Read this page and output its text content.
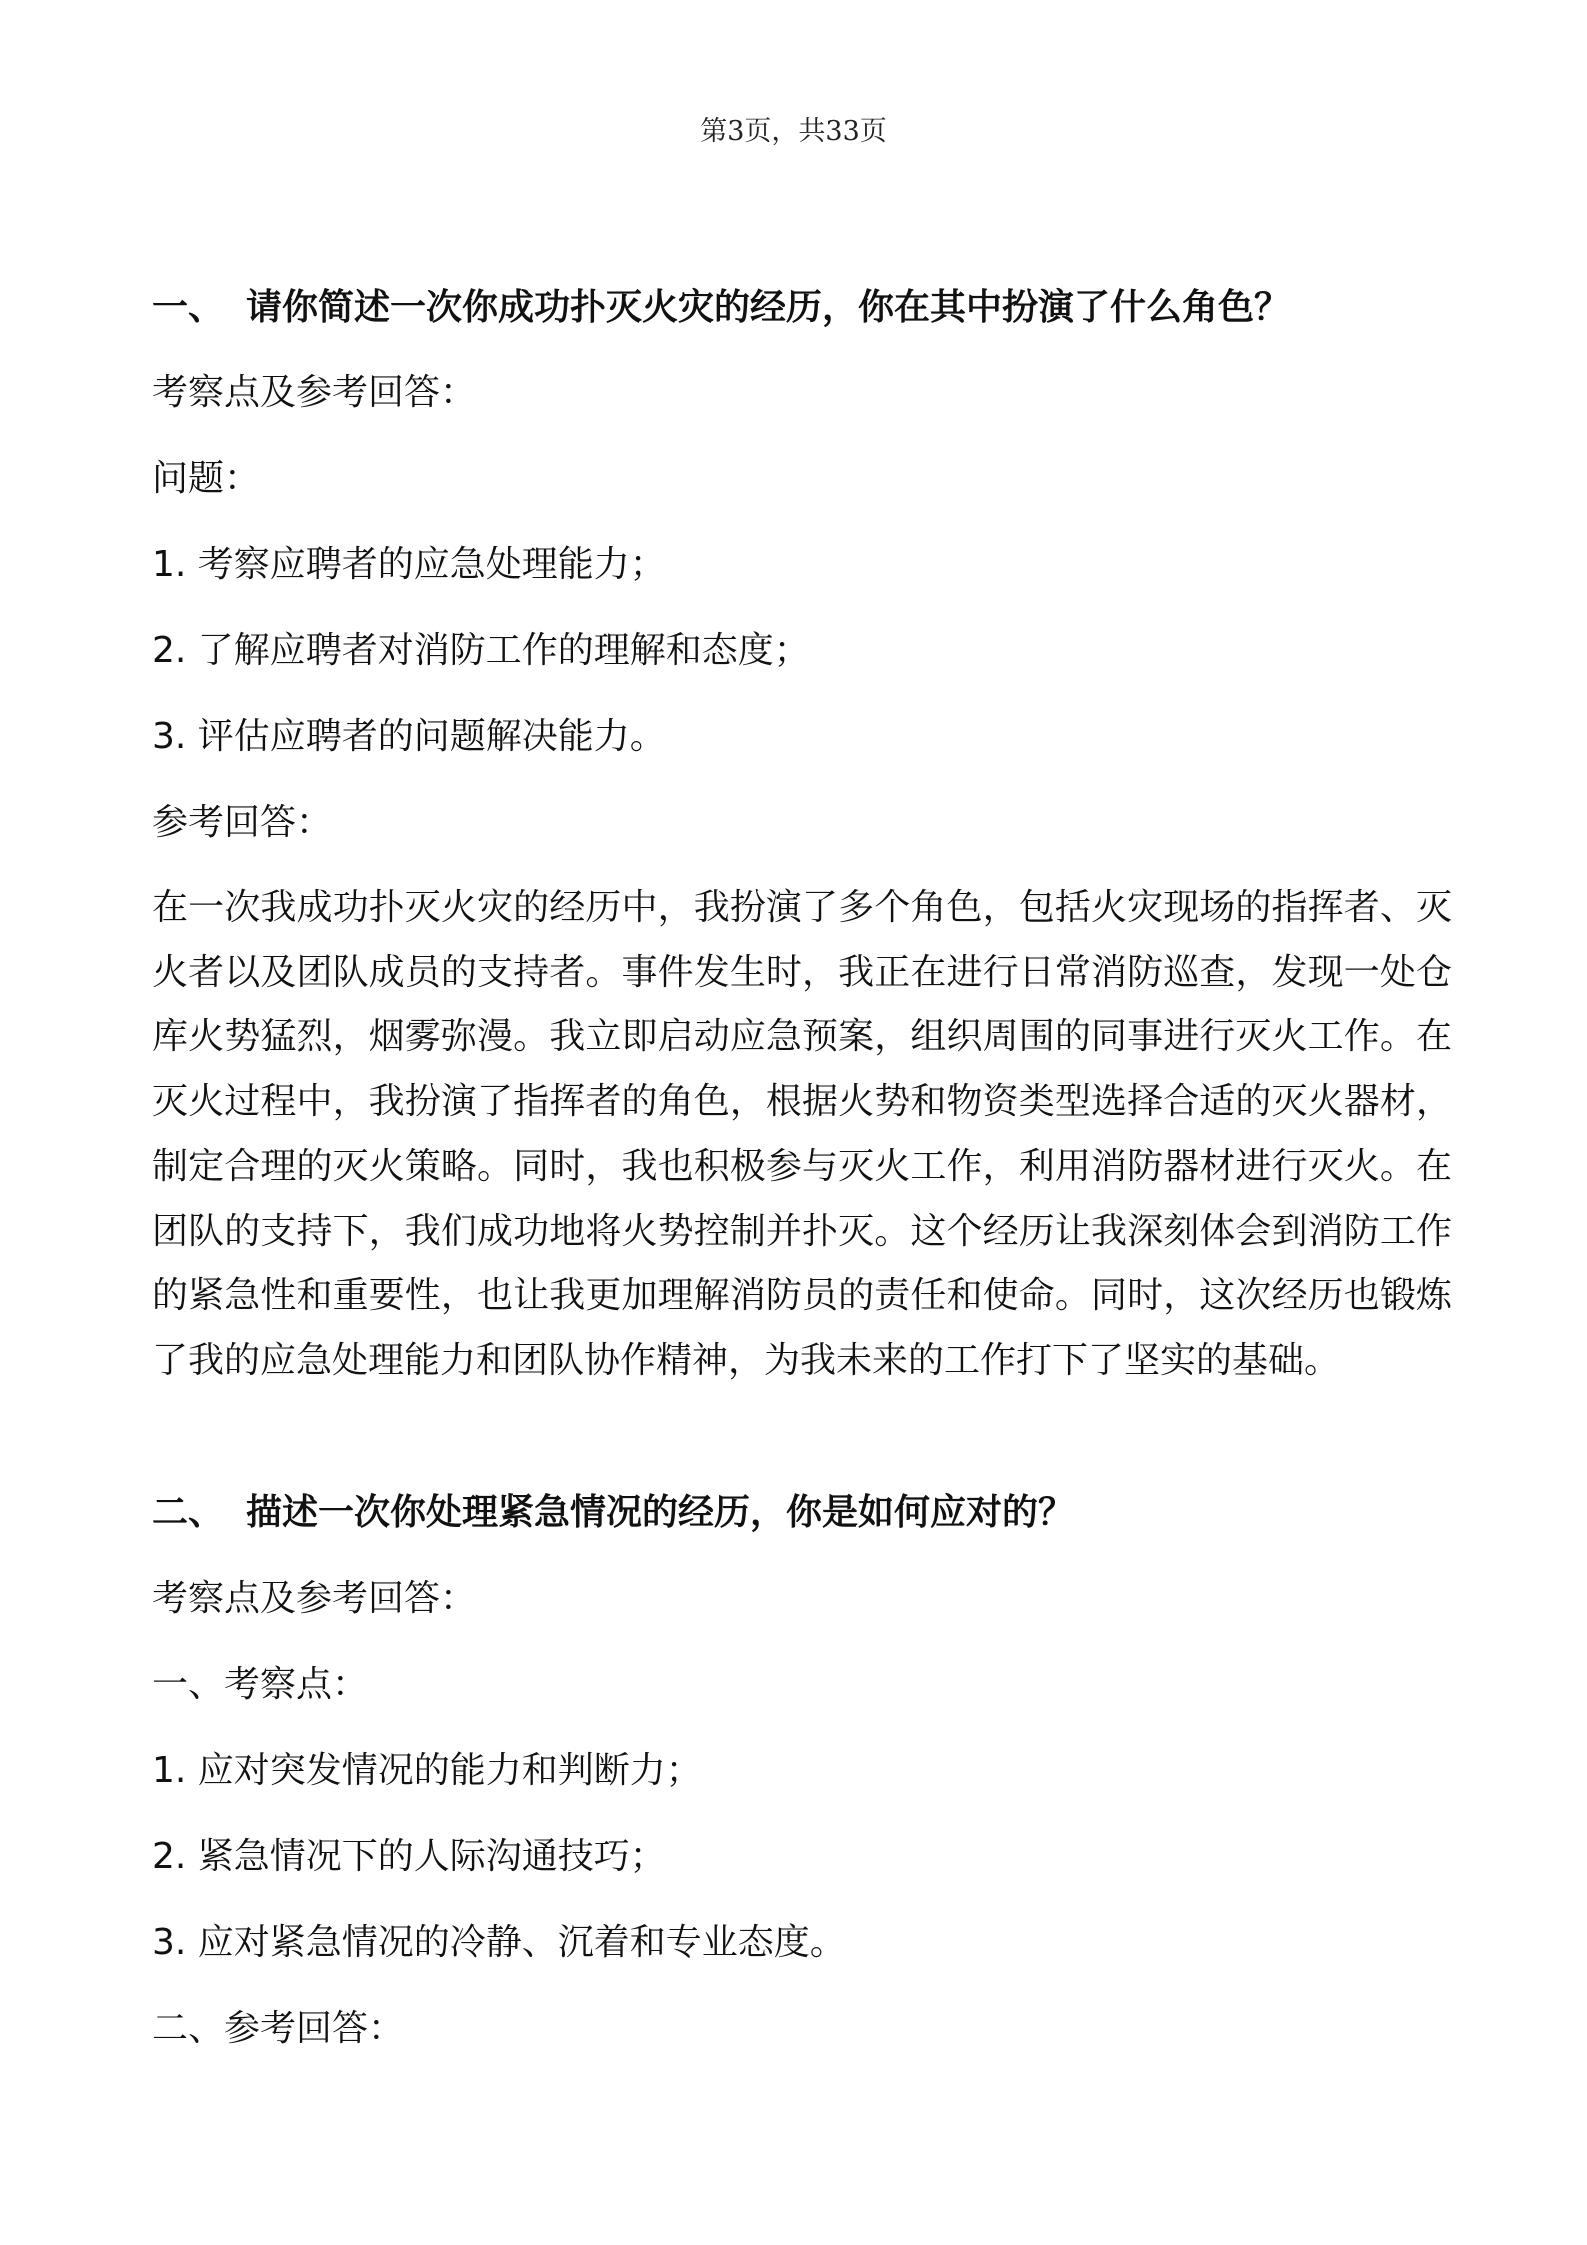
第3页，共33页
一、 请你简述一次你成功扑灭火灾的经历，你在其中扮演了什么角色？
考察点及参考回答：
问题：
1. 考察应聘者的应急处理能力；
2. 了解应聘者对消防工作的理解和态度；
3. 评估应聘者的问题解决能力。
参考回答：
在一次我成功扑灭火灾的经历中，我扮演了多个角色，包括火灾现场的指挥者、灭火者以及团队成员的支持者。事件发生时，我正在进行日常消防巡查，发现一处仓库火势猛烈，烟雾弥漫。我立即启动应急预案，组织周围的同事进行灭火工作。在灭火过程中，我扮演了指挥者的角色，根据火势和物资类型选择合适的灭火器材，制定合理的灭火策略。同时，我也积极参与灭火工作，利用消防器材进行灭火。在团队的支持下，我们成功地将火势控制并扑灭。这个经历让我深刻体会到消防工作的紧急性和重要性，也让我更加理解消防员的责任和使命。同时，这次经历也锻炼了我的应急处理能力和团队协作精神，为我未来的工作打下了坚实的基础。
二、 描述一次你处理紧急情况的经历，你是如何应对的？
考察点及参考回答：
一、考察点：
1. 应对突发情况的能力和判断力；
2. 紧急情况下的人际沟通技巧；
3. 应对紧急情况的冷静、沉着和专业态度。
二、参考回答：
